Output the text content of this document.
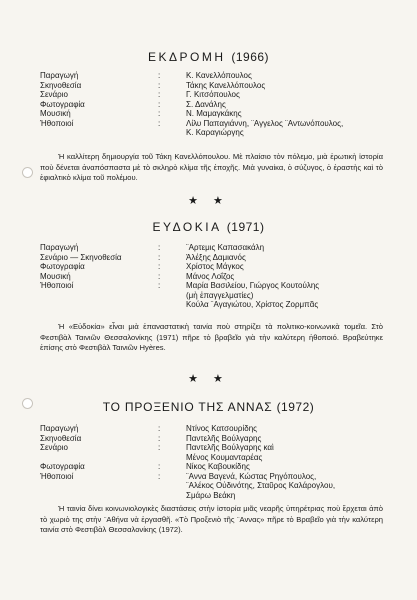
ΕΚΔΡΟΜΗ (1966)
Παραγωγή	:	Κ. Κανελλόπουλος
Σκηνοθεσία	:	Τάκης Κανελλόπουλος
Σενάριο	:	Γ. Κιτσόπουλος
Φωτογραφία	:	Σ. Δανάλης
Μουσική	:	Ν. Μαμαγκάκης
Ήθοποιοί	:	Λίλυ Παπαγιάννη, ¨Αγγελος ¨Αντωνόπουλος,
Κ. Καραγιώργης
Ή καλλίτερη δημιουργία τοῦ Τάκη Κανελλόπουλου. Μὲ πλαίσιο τὸν πόλεμο, μιὰ ἐρωτικὴ ἱστορία ποὺ δένεται ἀναπόσπαστα μὲ τὸ σκληρὸ κλίμα τῆς ἐποχῆς. Μιὰ γυναίκα, ὁ σύζυγος, ὁ ἐραστὴς καὶ τὸ ἐφιαλτικὸ κλίμα τοῦ πολέμου.
★ ★
ΕΥΔΟΚΙΑ (1971)
Παραγωγή	:	¨Αρτεμις Καπασακάλη
Σενάριο — Σκηνοθεσία	:	Άλέξης Δαμιανός
Φωτογραφία	:	Χρίστος Μάγκος
Μουσική	:	Μάνος Λοΐζος
Ήθοποιοί	:	Μαρία Βασιλείου, Γιώργος Κουτούλης
(μὴ ἐπαγγελματίες)
Κούλα ¨Αγαγιώτου, Χρίστος Ζορμπᾶς
Ή «Εὐδοκία» εἶναι μιὰ ἐπαναστατικὴ ταινία ποὺ στηρίζει τὰ πολιτικο-κοινωνικὰ τομεῖα. Στὸ Φεστιβὰλ Ταινιῶν Θεσσαλονίκης (1971) πῆρε τὸ βραβεῖο γιὰ τὴν καλύτερη ἠθοποιό. Βραβεύτηκε ἐπίσης στὸ Φεστιβὰλ Ταινιῶν Hyères.
★ ★
ΤΟ ΠΡΟΞΕΝΙΟ ΤΗΣ ΑΝΝΑΣ (1972)
Παραγωγή	:	Ντίνος Κατσουρίδης
Σκηνοθεσία	:	Παντελῆς Βούλγαρης
Σενάριο	:	Παντελῆς Βούλγαρης καὶ
Μένος Κουμανταρέας
Φωτογραφία	:	Νίκος Καβουκίδης
Ήθοποιοί	:	¨Αννα Βαγενά, Κώστας Ρηγόπουλος,
¨Αλέκος Οὐδινότης, Σταῦρος Καλάρογλου,
Σμάρω Βεάκη
Ή ταινία δίνει κοινωνιολογικὲς διαστάσεις στὴν ἱστορία μιᾶς νεαρῆς ὑπηρέτριας ποὺ ἔρχεται ἀπὸ τὸ χωριὸ της στὴν ¨Αθήνα νὰ ἐργασθῆ. «Τὸ Προξενιὸ τῆς ¨Αννας» πῆρε τὸ Βραβεῖο γιὰ τὴν καλύτερη ταινία στὸ Φεστιβὰλ Θεσσαλονίκης (1972).
